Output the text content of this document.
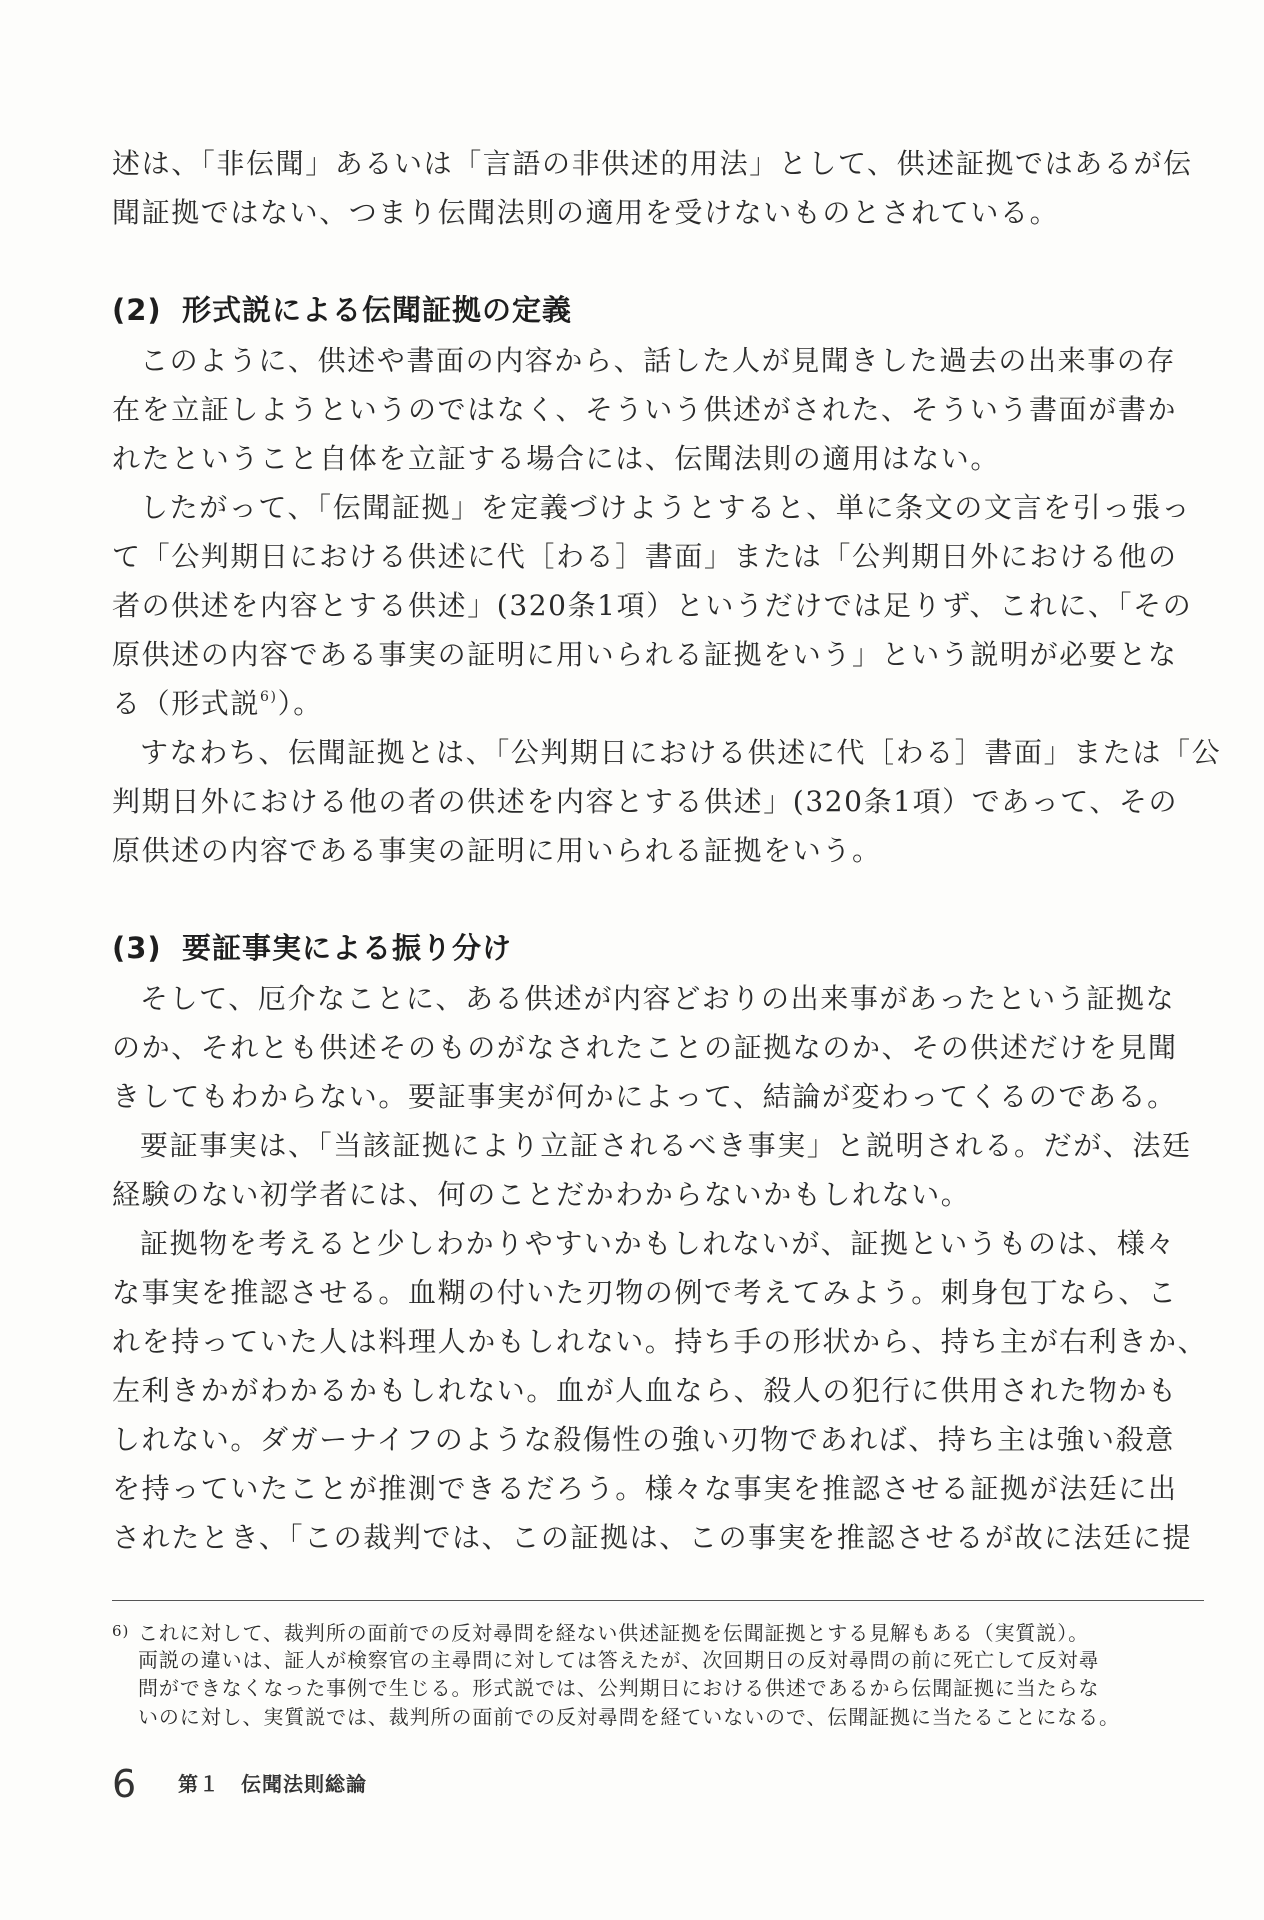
述は、「非伝聞」あるいは「言語の非供述的用法」として、供述証拠ではあるが伝

聞証拠ではない、つまり伝聞法則の適用を受けないものとされている。

(2) 形式説による伝聞証拠の定義

このように、供述や書面の内容から、話した人が見聞きした過去の出来事の存

在を立証しようというのではなく、そういう供述がされた、そういう書面が書か

れたということ自体を立証する場合には、伝聞法則の適用はない。

したがって、「伝聞証拠」を定義づけようとすると、単に条文の文言を引っ張っ

て「公判期日における供述に代［わる］書面」または「公判期日外における他の

者の供述を内容とする供述」(320条1項）というだけでは足りず、これに、「その

原供述の内容である事実の証明に用いられる証拠をいう」という説明が必要とな

る（形式説$^{6)}$）。

すなわち、伝聞証拠とは、「公判期日における供述に代［わる］書面」または「公

判期日外における他の者の供述を内容とする供述」(320条1項）であって、その

原供述の内容である事実の証明に用いられる証拠をいう。

(3) 要証事実による振り分け

そして、厄介なことに、ある供述が内容どおりの出来事があったという証拠な

のか、それとも供述そのものがなされたことの証拠なのか、その供述だけを見聞

きしてもわからない。要証事実が何かによって、結論が変わってくるのである。

要証事実は、「当該証拠により立証されるべき事実」と説明される。だが、法廷

経験のない初学者には、何のことだかわからないかもしれない。

証拠物を考えると少しわかりやすいかもしれないが、証拠というものは、様々

な事実を推認させる。血糊の付いた刃物の例で考えてみよう。刺身包丁なら、こ

れを持っていた人は料理人かもしれない。持ち手の形状から、持ち主が右利きか、

左利きかがわかるかもしれない。血が人血なら、殺人の犯行に供用された物かも

しれない。ダガーナイフのような殺傷性の強い刃物であれば、持ち主は強い殺意

を持っていたことが推測できるだろう。様々な事実を推認させる証拠が法廷に出

されたとき、「この裁判では、この証拠は、この事実を推認させるが故に法廷に提

6) これに対して、裁判所の面前での反対尋問を経ない供述証拠を伝聞証拠とする見解もある（実質説）。
両説の違いは、証人が検察官の主尋問に対しては答えたが、次回期日の反対尋問の前に死亡して反対尋
問ができなくなった事例で生じる。形式説では、公判期日における供述であるから伝聞証拠に当たらな
いのに対し、実質説では、裁判所の面前での反対尋問を経ていないので、伝聞証拠に当たることになる。
6 第１　伝聞法則総論
